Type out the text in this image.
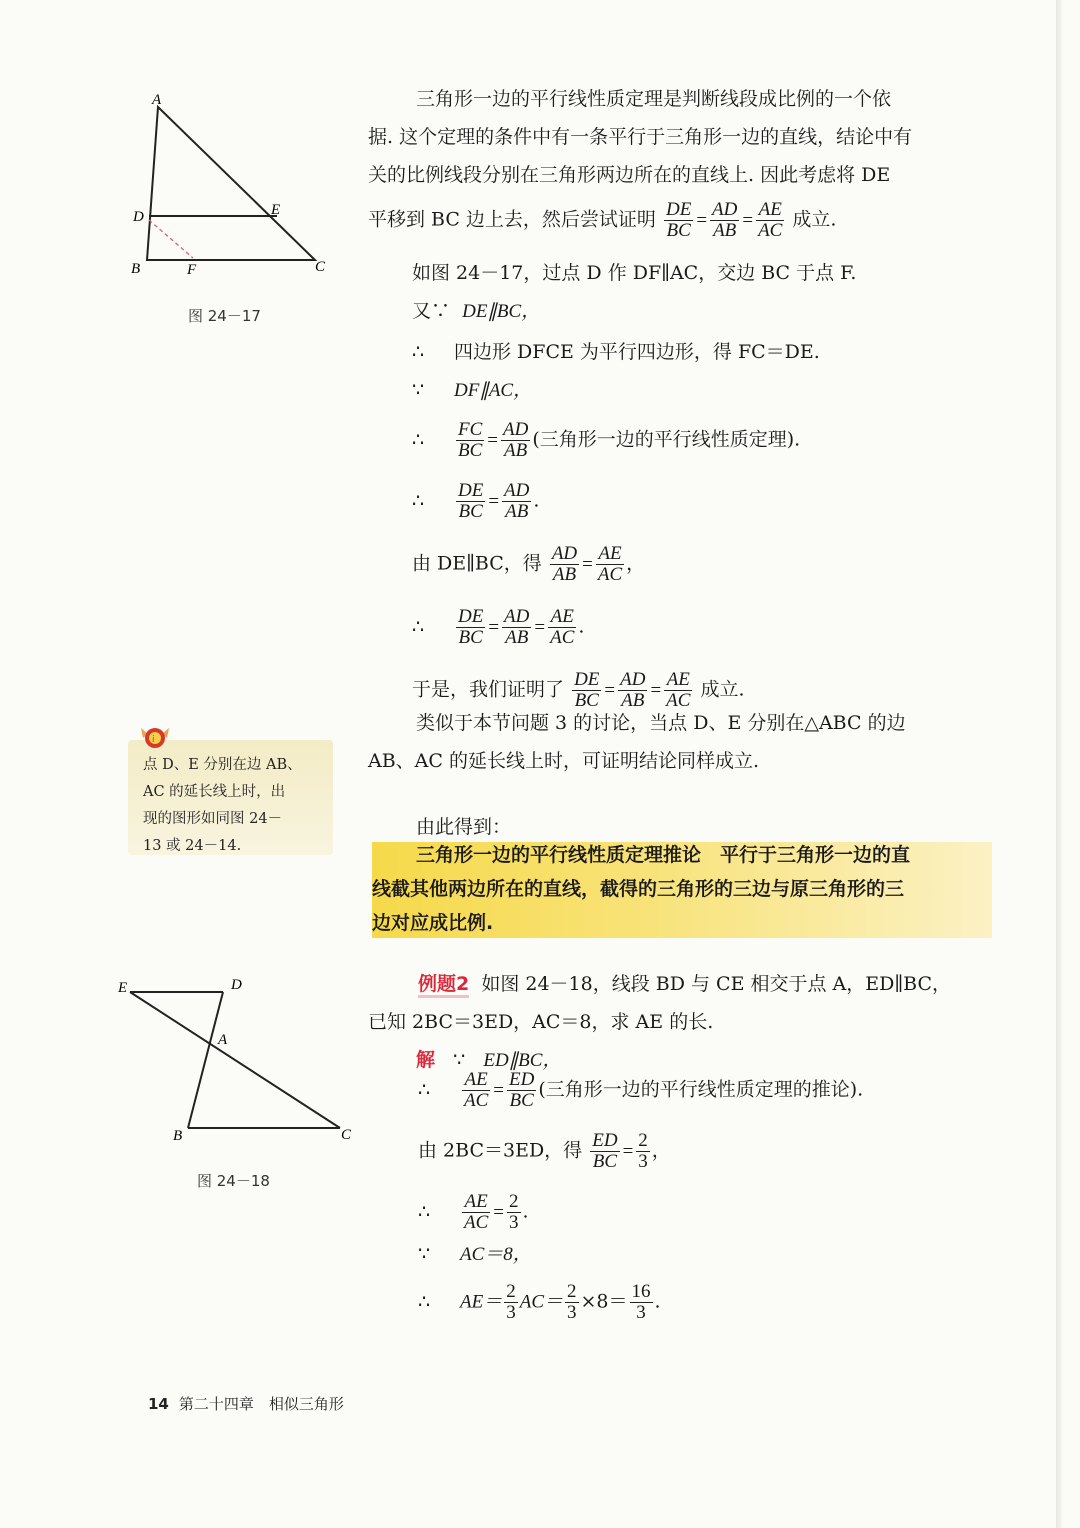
A
D	E
B	F	C
图 24－17
E	D
A
B	C
图 24－18
i
点 D、E 分别在边 AB、
AC 的延长线上时，出
现的图形如同图 24－
13 或 24－14.
三角形一边的平行线性质定理是判断线段成比例的一个依
据. 这个定理的条件中有一条平行于三角形一边的直线，结论中有
关的比例线段分别在三角形两边所在的直线上. 因此考虑将 DE
平移到 BC 边上去，然后尝试证明 $\frac{DE}{BC} = \frac{AD}{AB} = \frac{AE}{AC}$ 成立.
如图 24－17，过点 D 作 DF∥AC，交边 BC 于点 F.
又∵ DE∥BC，
∴ 四边形 DFCE 为平行四边形，得 FC＝DE.
∵ DF∥AC，
∴ $\frac{FC}{BC} = \frac{AD}{AB}$ (三角形一边的平行线性质定理).
∴ $\frac{DE}{BC} = \frac{AD}{AB}$ .
由 DE∥BC，得 $\frac{AD}{AB} = \frac{AE}{AC}$ ，
∴ $\frac{DE}{BC} = \frac{AD}{AB} = \frac{AE}{AC}$ .
于是，我们证明了 $\frac{DE}{BC} = \frac{AD}{AB} = \frac{AE}{AC}$ 成立.
类似于本节问题 3 的讨论，当点 D、E 分别在△ABC 的边
AB、AC 的延长线上时，可证明结论同样成立.
由此得到：
三角形一边的平行线性质定理推论　平行于三角形一边的直
线截其他两边所在的直线，截得的三角形的三边与原三角形的三
边对应成比例.
例题2 如图 24－18，线段 BD 与 CE 相交于点 A，ED∥BC，
已知 2BC＝3ED，AC＝8，求 AE 的长.
解 ∵ ED∥BC，
∴ $\frac{AE}{AC} = \frac{ED}{BC}$ (三角形一边的平行线性质定理的推论).
由 2BC＝3ED，得 $\frac{ED}{BC} = \frac{2}{3}$ ，
∴ $\frac{AE}{AC} = \frac{2}{3}$ .
∵ AC＝8，
∴ $AE= \frac{2}{3} AC= \frac{2}{3} \times 8= \frac{16}{3}$ .
14 第二十四章　相似三角形
